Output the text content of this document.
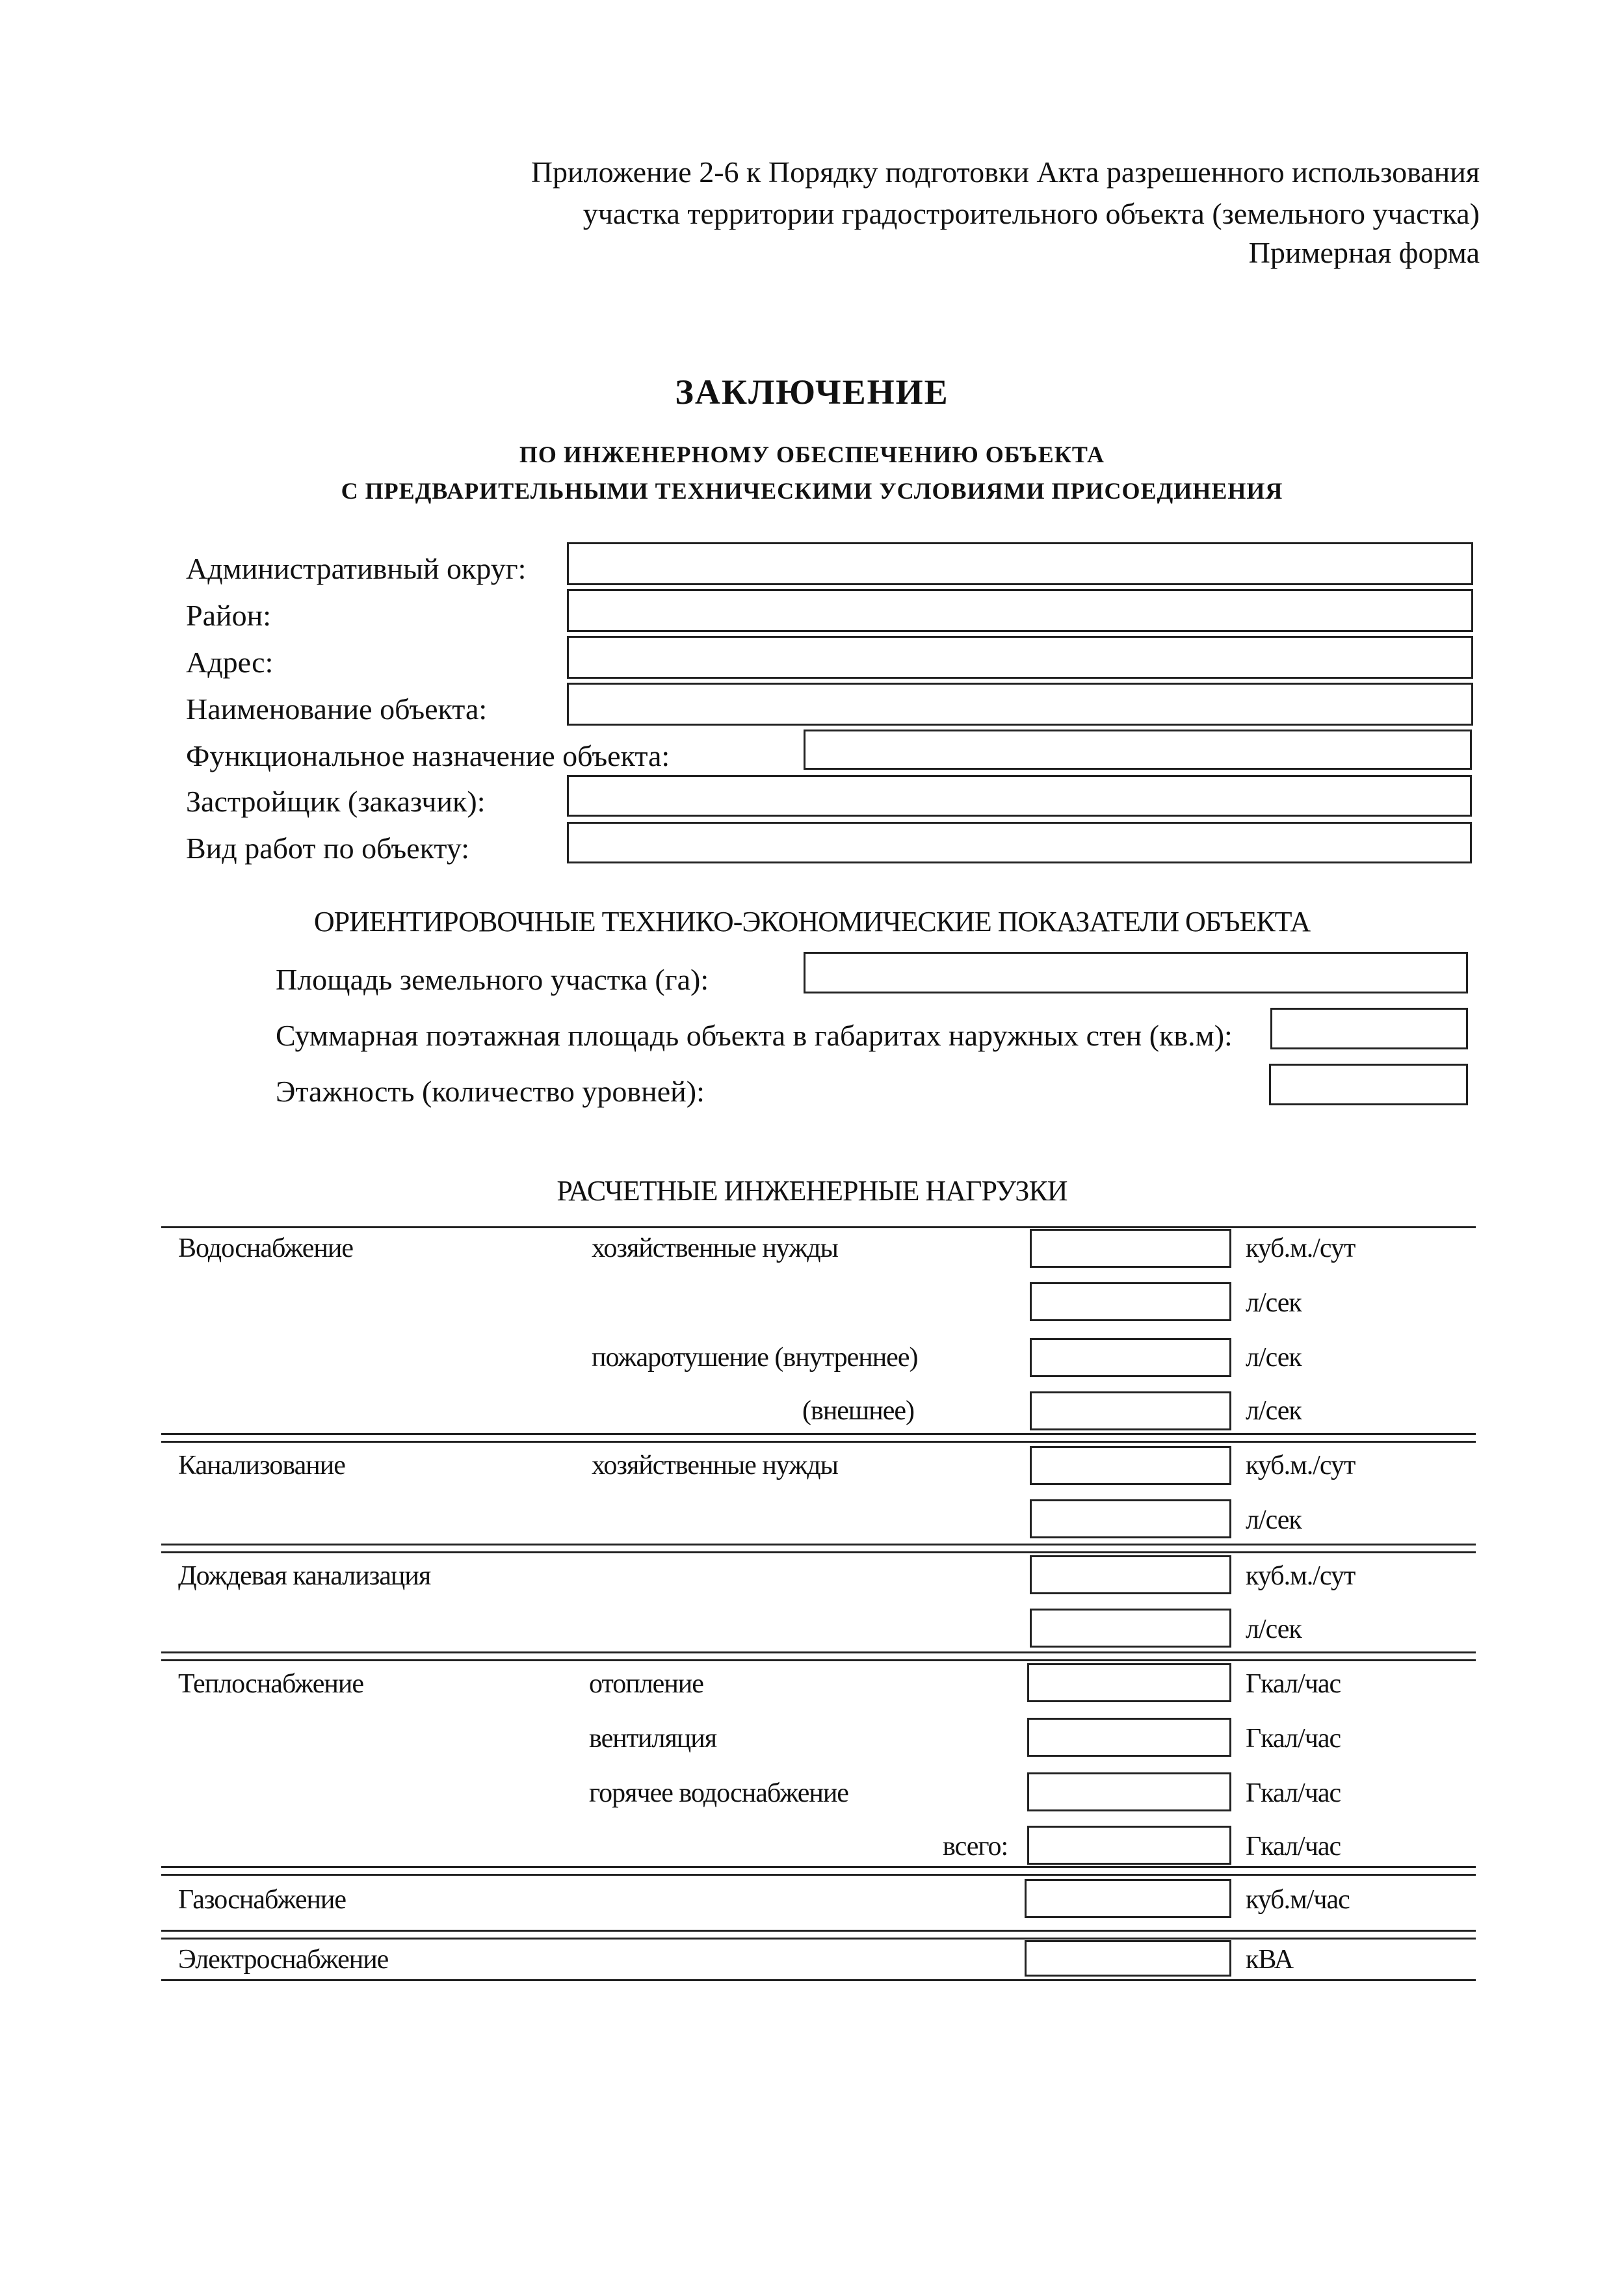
Приложение 2-6 к Порядку подготовки Акта разрешенного использования
участка территории градостроительного объекта (земельного участка)
Примерная форма
ЗАКЛЮЧЕНИЕ
ПО ИНЖЕНЕРНОМУ ОБЕСПЕЧЕНИЮ ОБЪЕКТА
С ПРЕДВАРИТЕЛЬНЫМИ ТЕХНИЧЕСКИМИ УСЛОВИЯМИ ПРИСОЕДИНЕНИЯ
Административный округ:
Район:
Адрес:
Наименование объекта:
Функциональное назначение объекта:
Застройщик (заказчик):
Вид работ по объекту:
ОРИЕНТИРОВОЧНЫЕ ТЕХНИКО-ЭКОНОМИЧЕСКИЕ ПОКАЗАТЕЛИ ОБЪЕКТА
Площадь земельного участка (га):
Суммарная поэтажная площадь объекта в габаритах наружных стен (кв.м):
Этажность (количество уровней):
РАСЧЕТНЫЕ ИНЖЕНЕРНЫЕ НАГРУЗКИ
Водоснабжение	хозяйственные нужды	куб.м./сут
л/сек
пожаротушение (внутреннее)	л/сек
(внешнее)	л/сек
Канализование	хозяйственные нужды	куб.м./сут
л/сек
Дождевая канализация	куб.м./сут
л/сек
Теплоснабжение	отопление	Гкал/час
вентиляция	Гкал/час
горячее водоснабжение	Гкал/час
всего:	Гкал/час
Газоснабжение	куб.м/час
Электроснабжение	кВА
